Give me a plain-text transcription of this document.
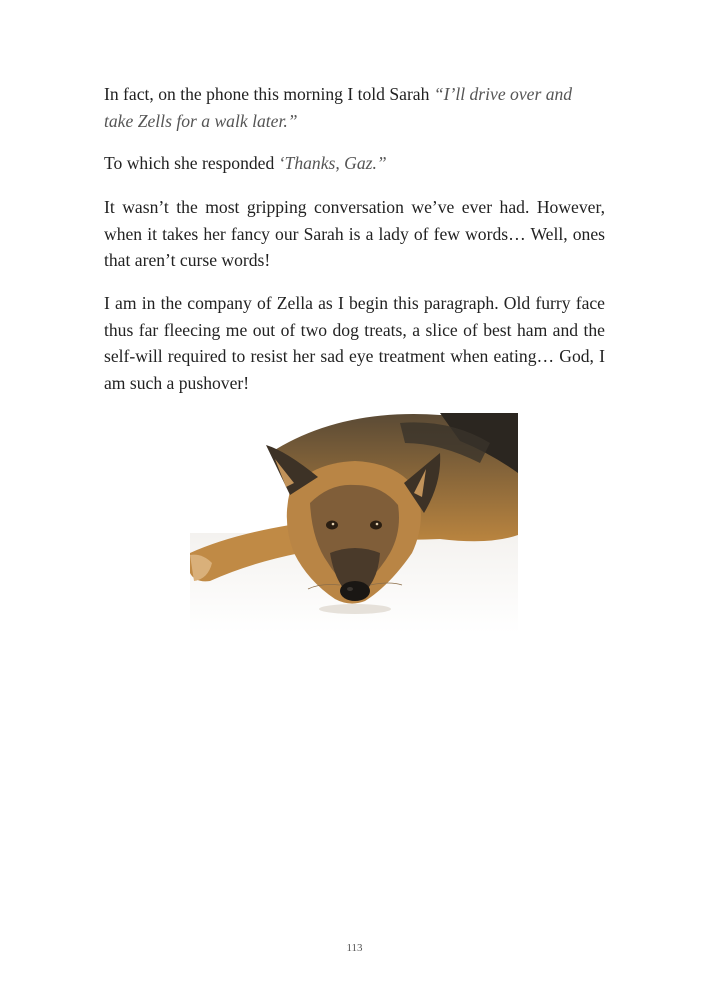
In fact, on the phone this morning I told Sarah “I’ll drive over and take Zells for a walk later.”
To which she responded ‘Thanks, Gaz.”
It wasn’t the most gripping conversation we’ve ever had. However, when it takes her fancy our Sarah is a lady of few words… Well, ones that aren’t curse words!
I am in the company of Zella as I begin this paragraph. Old furry face thus far fleecing me out of two dog treats, a slice of best ham and the self-will required to resist her sad eye treatment when eating… God, I am such a pushover!
113
